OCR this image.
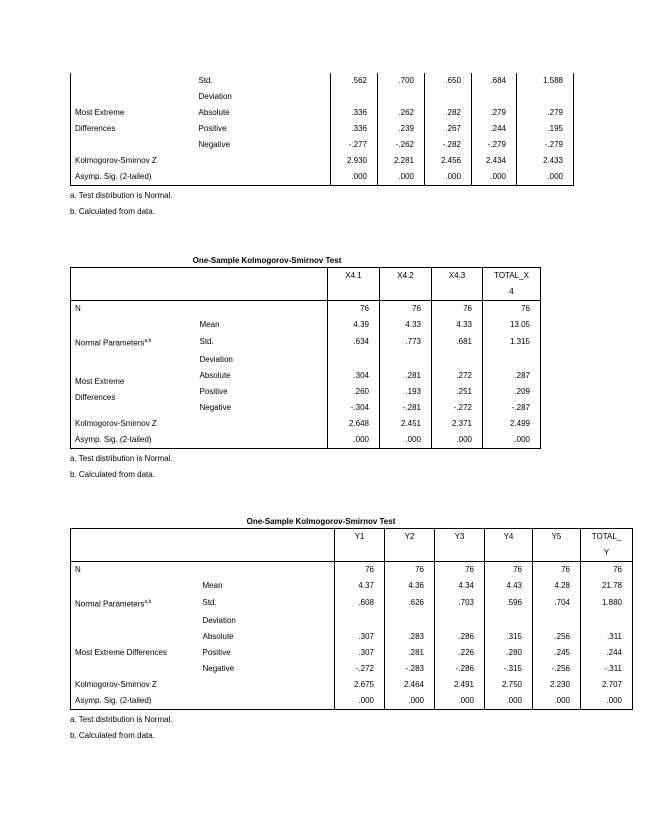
	Std.	.562	.700	.650	.684	1.588
	Deviation					
Most Extreme	Absolute	.336	.262	.282	.279	.279
Differences	Positive	.336	.239	.267	.244	.195
	Negative	-.277	-.262	-.282	-.279	-.279
Kolmogorov-Smirnov Z		2.930	2.281	2.456	2.434	2.433
Asymp. Sig. (2-tailed)		.000	.000	.000	.000	.000
a. Test distribution is Normal.
b. Calculated from data.
One-Sample Kolmogorov-Smirnov Test
		X4.1	X4.2	X4.3	TOTAL_X
4

N		76	76	76	76
	Mean	4.39	4.33	4.33	13.05
Normal Parameters$^{a,b}$	Std.	.634	.773	.681	1.315
	Deviation				
	Absolute	.304	.281	.272	.287

Most Extreme
Differences	Positive	.260	.193	.251	.209
	Negative	-.304	-.281	-.272	-.287
Kolmogorov-Smirnov Z		2.648	2.451	2.371	2.499
Asymp. Sig. (2-tailed)		.000	.000	.000	.000
a. Test distribution is Normal.
b. Calculated from data.
One-Sample Kolmogorov-Smirnov Test
		Y1	Y2	Y3	Y4	Y5	TOTAL_
Y

N		76	76	76	76	76	76
	Mean	4.37	4.36	4.34	4.43	4.28	21.78
Normal Parameters$^{a,b}$	Std.	.608	.626	.703	.596	.704	1.880
	Deviation						
	Absolute	.307	.283	.286	.315	.256	.311
Most Extreme Differences	Positive	.307	.281	.226	.280	.245	.244
	Negative	-.272	-.283	-.286	-.315	-.256	-.311
Kolmogorov-Smirnov Z		2.675	2.464	2.491	2.750	2.230	2.707
Asymp. Sig. (2-tailed)		.000	.000	.000	.000	.000	.000
a. Test distribution is Normal.
b. Calculated from data.
